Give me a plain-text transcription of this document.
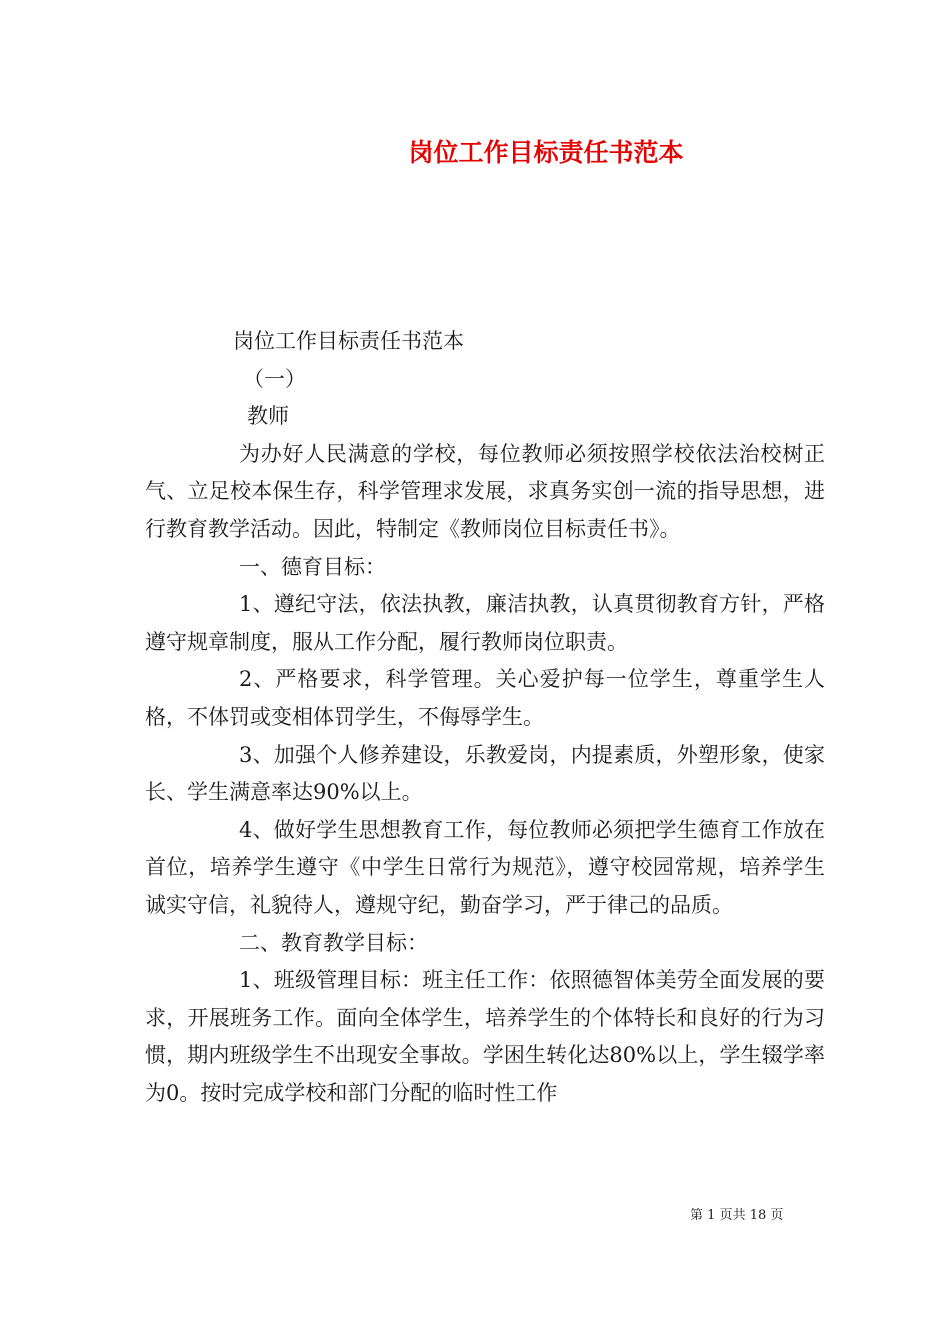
岗位工作目标责任书范本

岗位工作目标责任书范本

（一）

教师

为办好人民满意的学校，每位教师必须按照学校依法治校树正气、立足校本保生存，科学管理求发展，求真务实创一流的指导思想，进行教育教学活动。因此，特制定《教师岗位目标责任书》。

一、德育目标：

1、遵纪守法，依法执教，廉洁执教，认真贯彻教育方针，严格遵守规章制度，服从工作分配，履行教师岗位职责。

2、严格要求，科学管理。关心爱护每一位学生，尊重学生人格，不体罚或变相体罚学生，不侮辱学生。

3、加强个人修养建设，乐教爱岗，内提素质，外塑形象，使家长、学生满意率达90%以上。

4、做好学生思想教育工作，每位教师必须把学生德育工作放在首位，培养学生遵守《中学生日常行为规范》，遵守校园常规，培养学生诚实守信，礼貌待人，遵规守纪，勤奋学习，严于律己的品质。

二、教育教学目标：

1、班级管理目标：班主任工作：依照德智体美劳全面发展的要求，开展班务工作。面向全体学生，培养学生的个体特长和良好的行为习惯，期内班级学生不出现安全事故。学困生转化达80%以上，学生辍学率为0。按时完成学校和部门分配的临时性工作

第 1 页共 18 页
